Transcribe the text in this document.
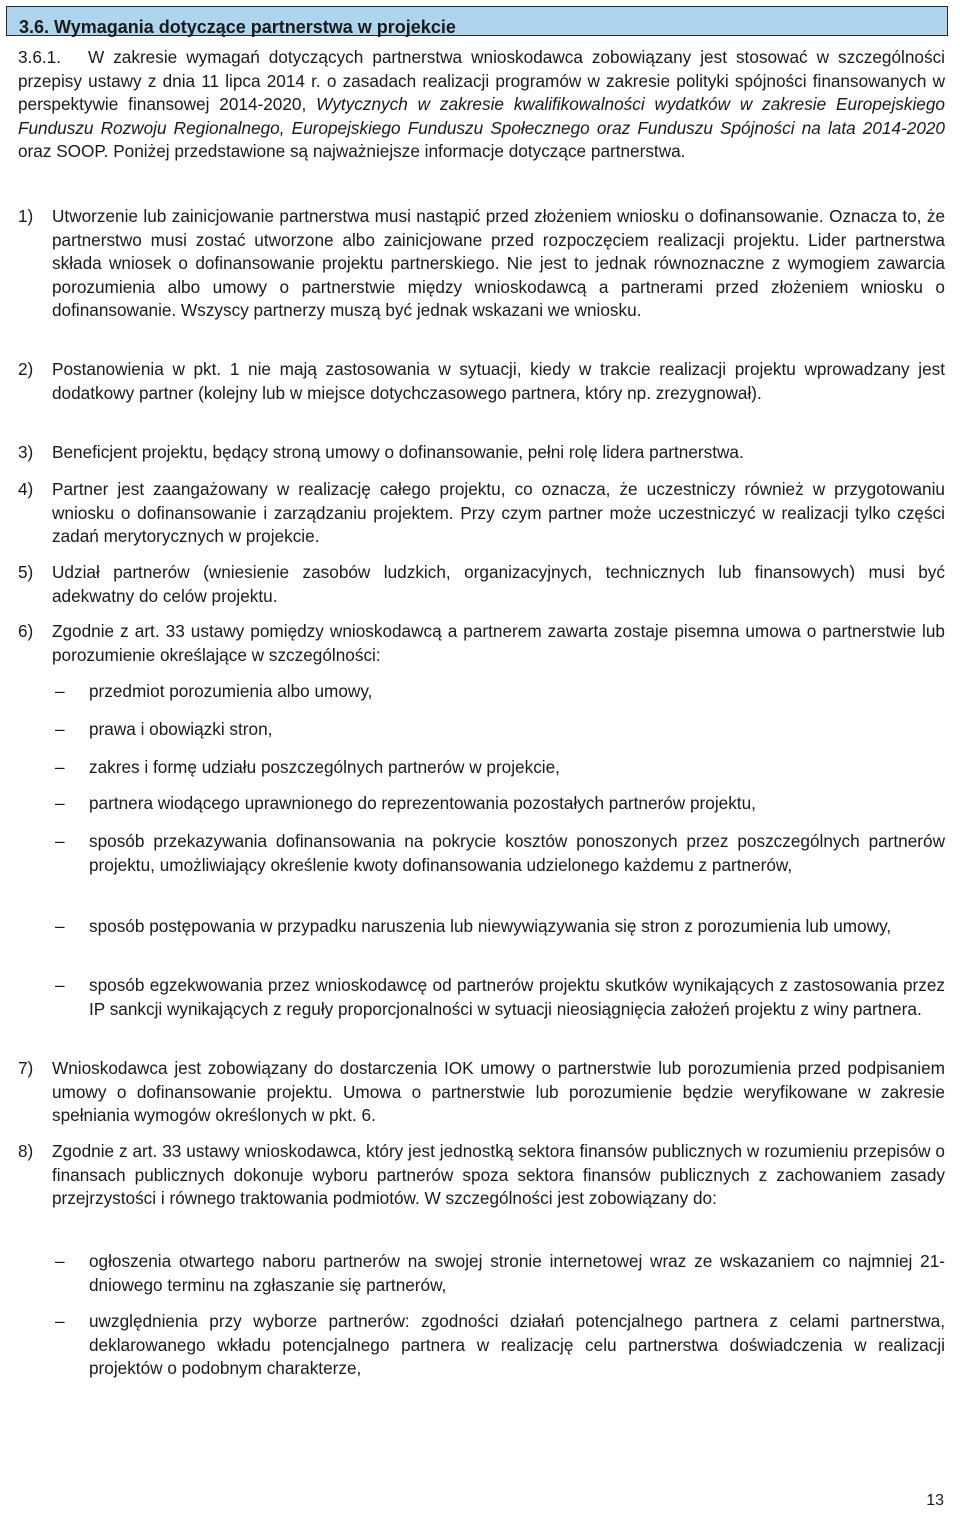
3.6. Wymagania dotyczące partnerstwa w projekcie

3.6.1. W zakresie wymagań dotyczących partnerstwa wnioskodawca zobowiązany jest stosować w szczególności przepisy ustawy z dnia 11 lipca 2014 r. o zasadach realizacji programów w zakresie polityki spójności finansowanych w perspektywie finansowej 2014-2020, Wytycznych w zakresie kwalifikowalności wydatków w zakresie Europejskiego Funduszu Rozwoju Regionalnego, Europejskiego Funduszu Społecznego oraz Funduszu Spójności na lata 2014-2020 oraz SOOP. Poniżej przedstawione są najważniejsze informacje dotyczące partnerstwa.

1) Utworzenie lub zainicjowanie partnerstwa musi nastąpić przed złożeniem wniosku o dofinansowanie. Oznacza to, że partnerstwo musi zostać utworzone albo zainicjowane przed rozpoczęciem realizacji projektu. Lider partnerstwa składa wniosek o dofinansowanie projektu partnerskiego. Nie jest to jednak równoznaczne z wymogiem zawarcia porozumienia albo umowy o partnerstwie między wnioskodawcą a partnerami przed złożeniem wniosku o dofinansowanie. Wszyscy partnerzy muszą być jednak wskazani we wniosku.
2) Postanowienia w pkt. 1 nie mają zastosowania w sytuacji, kiedy w trakcie realizacji projektu wprowadzany jest dodatkowy partner (kolejny lub w miejsce dotychczasowego partnera, który np. zrezygnował).
3) Beneficjent projektu, będący stroną umowy o dofinansowanie, pełni rolę lidera partnerstwa.
4) Partner jest zaangażowany w realizację całego projektu, co oznacza, że uczestniczy również w przygotowaniu wniosku o dofinansowanie i zarządzaniu projektem. Przy czym partner może uczestniczyć w realizacji tylko części zadań merytorycznych w projekcie.
5) Udział partnerów (wniesienie zasobów ludzkich, organizacyjnych, technicznych lub finansowych) musi być adekwatny do celów projektu.
6) Zgodnie z art. 33 ustawy pomiędzy wnioskodawcą a partnerem zawarta zostaje pisemna umowa o partnerstwie lub porozumienie określające w szczególności:
– przedmiot porozumienia albo umowy,
– prawa i obowiązki stron,
– zakres i formę udziału poszczególnych partnerów w projekcie,
– partnera wiodącego uprawnionego do reprezentowania pozostałych partnerów projektu,
– sposób przekazywania dofinansowania na pokrycie kosztów ponoszonych przez poszczególnych partnerów projektu, umożliwiający określenie kwoty dofinansowania udzielonego każdemu z partnerów,
– sposób postępowania w przypadku naruszenia lub niewywiązywania się stron z porozumienia lub umowy,
– sposób egzekwowania przez wnioskodawcę od partnerów projektu skutków wynikających z zastosowania przez IP sankcji wynikających z reguły proporcjonalności w sytuacji nieosiągnięcia założeń projektu z winy partnera.
7) Wnioskodawca jest zobowiązany do dostarczenia IOK umowy o partnerstwie lub porozumienia przed podpisaniem umowy o dofinansowanie projektu. Umowa o partnerstwie lub porozumienie będzie weryfikowane w zakresie spełniania wymogów określonych w pkt. 6.
8) Zgodnie z art. 33 ustawy wnioskodawca, który jest jednostką sektora finansów publicznych w rozumieniu przepisów o finansach publicznych dokonuje wyboru partnerów spoza sektora finansów publicznych z zachowaniem zasady przejrzystości i równego traktowania podmiotów. W szczególności jest zobowiązany do:
– ogłoszenia otwartego naboru partnerów na swojej stronie internetowej wraz ze wskazaniem co najmniej 21-dniowego terminu na zgłaszanie się partnerów,
– uwzględnienia przy wyborze partnerów: zgodności działań potencjalnego partnera z celami partnerstwa, deklarowanego wkładu potencjalnego partnera w realizację celu partnerstwa doświadczenia w realizacji projektów o podobnym charakterze,
13
